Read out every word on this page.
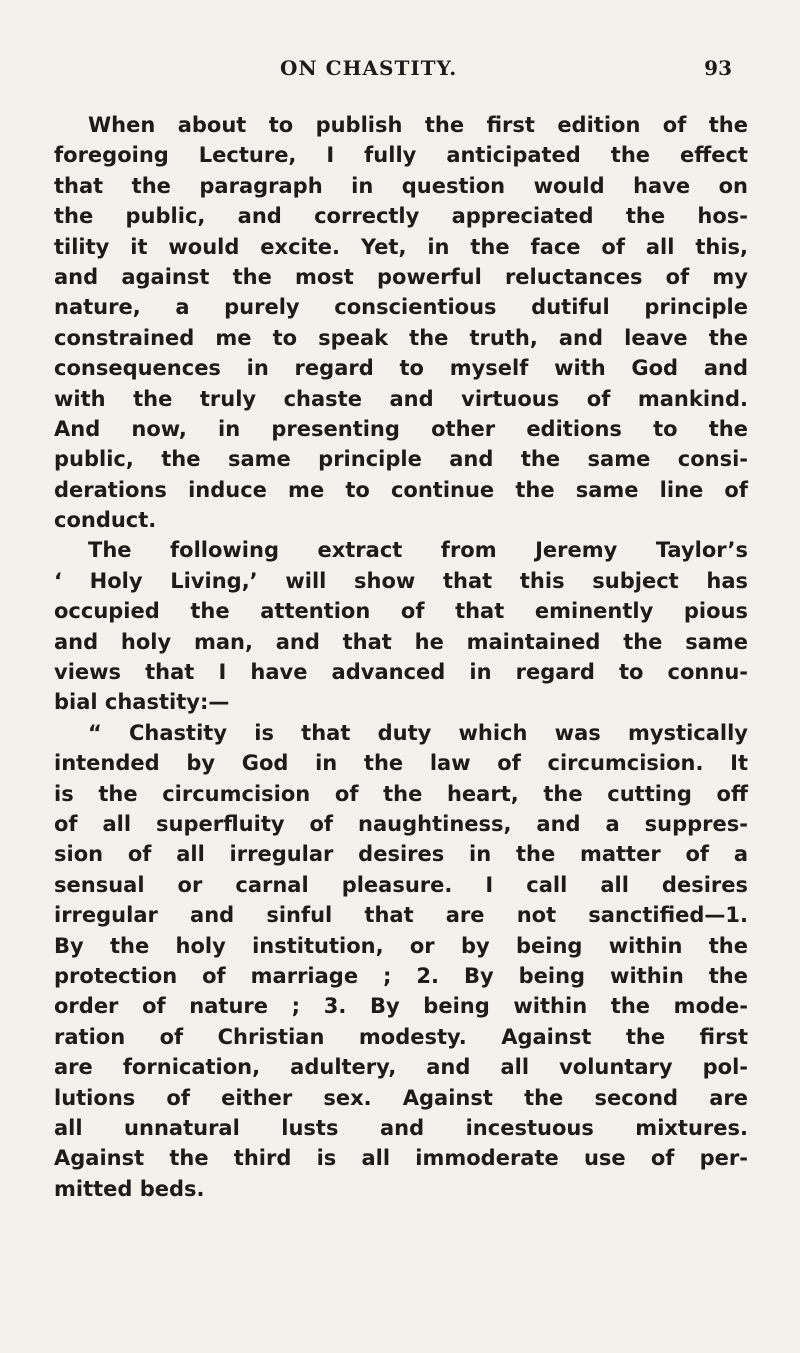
ON CHASTITY.	93
When about to publish the first edition of the
foregoing Lecture, I fully anticipated the effect
that the paragraph in question would have on
the public, and correctly appreciated the hos-
tility it would excite. Yet, in the face of all this,
and against the most powerful reluctances of my
nature, a purely conscientious dutiful principle
constrained me to speak the truth, and leave the
consequences in regard to myself with God and
with the truly chaste and virtuous of mankind.
And now, in presenting other editions to the
public, the same principle and the same consi-
derations induce me to continue the same line of
conduct.
The following extract from Jeremy Taylor’s
‘ Holy Living,’ will show that this subject has
occupied the attention of that eminently pious
and holy man, and that he maintained the same
views that I have advanced in regard to connu-
bial chastity:—
“ Chastity is that duty which was mystically
intended by God in the law of circumcision. It
is the circumcision of the heart, the cutting off
of all superfluity of naughtiness, and a suppres-
sion of all irregular desires in the matter of a
sensual or carnal pleasure. I call all desires
irregular and sinful that are not sanctified—1.
By the holy institution, or by being within the
protection of marriage ; 2. By being within the
order of nature ; 3. By being within the mode-
ration of Christian modesty. Against the first
are fornication, adultery, and all voluntary pol-
lutions of either sex. Against the second are
all unnatural lusts and incestuous mixtures.
Against the third is all immoderate use of per-
mitted beds.
